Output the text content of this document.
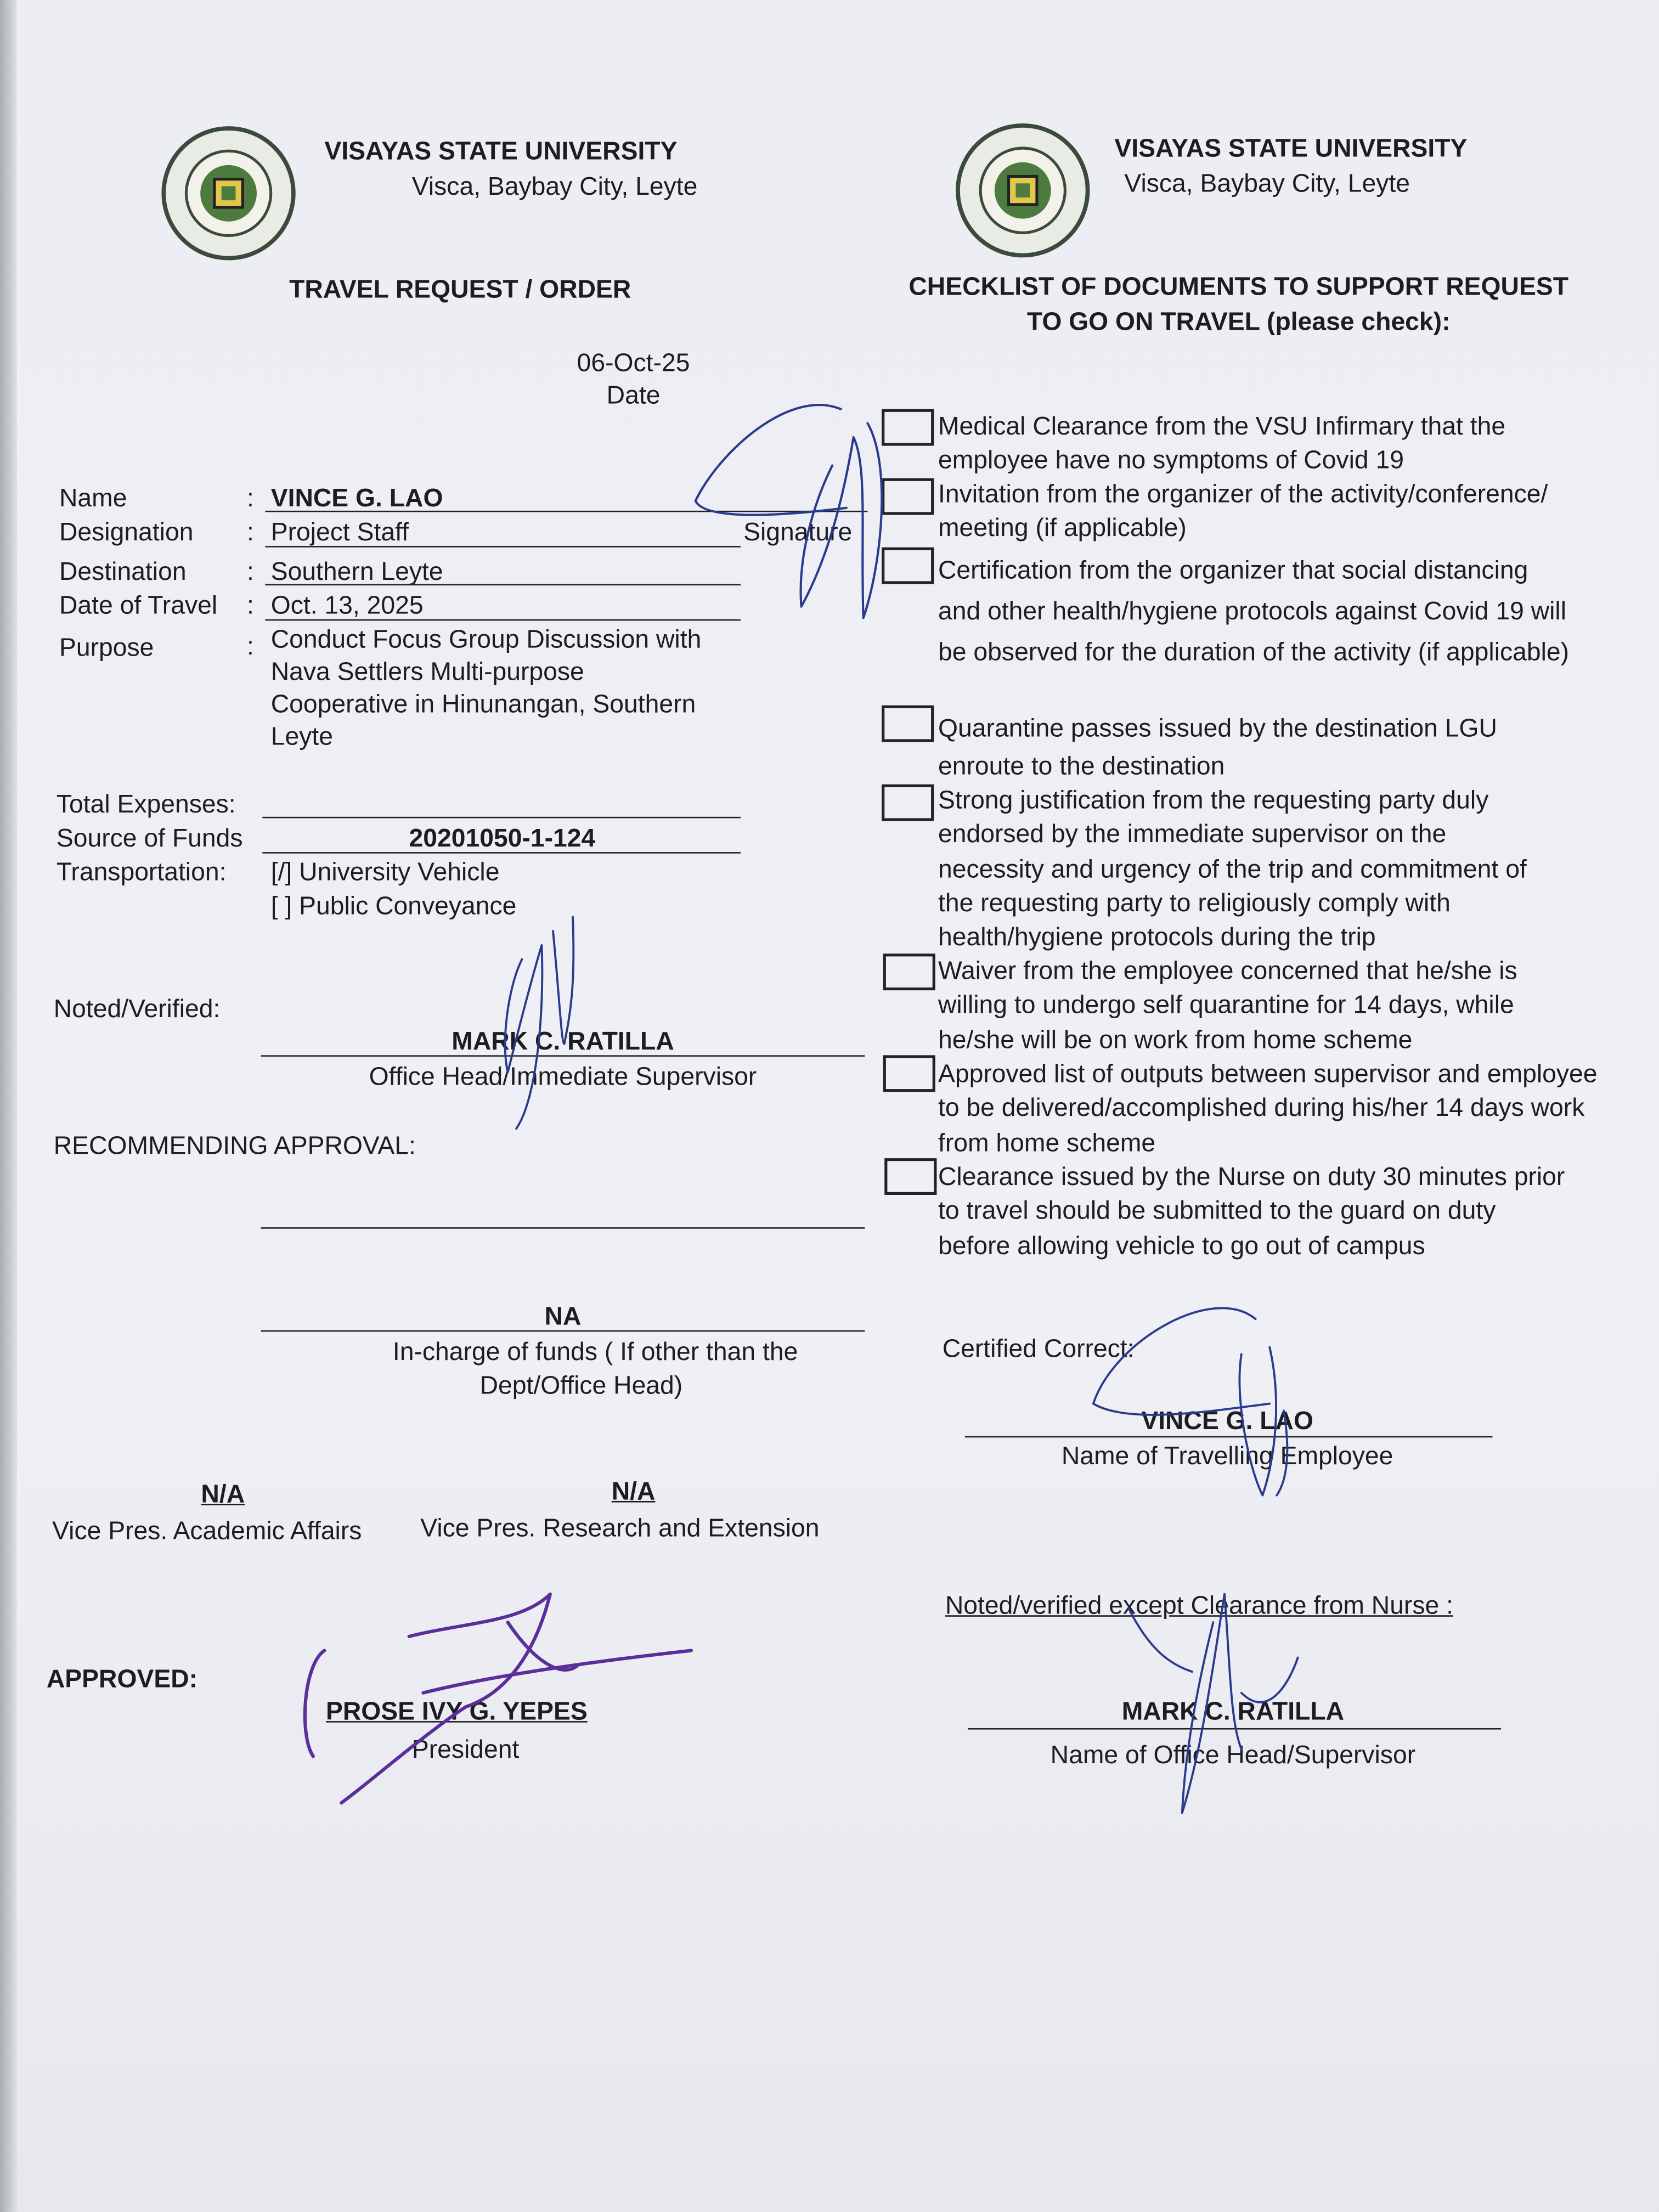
VISAYAS STATE UNIVERSITY
Visca, Baybay City, Leyte
TRAVEL REQUEST / ORDER
VISAYAS STATE UNIVERSITY
Visca, Baybay City, Leyte
CHECKLIST OF DOCUMENTS TO SUPPORT REQUEST
TO GO ON TRAVEL (please check):
06-Oct-25
Date
Name	: VINCE G. LAO
Designation	: Project Staff	Signature
Destination	: Southern Leyte
Date of Travel	: Oct. 13, 2025
Purpose	: Conduct Focus Group Discussion with
Nava Settlers Multi-purpose
Cooperative in Hinunangan, Southern
Leyte
Total Expenses:
Source of Funds	20201050-1-124
Transportation:	[/] University Vehicle
[ ] Public Conveyance
Noted/Verified:
MARK C. RATILLA
Office Head/Immediate Supervisor
RECOMMENDING APPROVAL:
NA
In-charge of funds ( If other than the
Dept/Office Head)
N/A
Vice Pres. Academic Affairs
N/A
Vice Pres. Research and Extension
APPROVED:
PROSE IVY G. YEPES
President
Medical Clearance from the VSU Infirmary that the employee have no symptoms of Covid 19
Invitation from the organizer of the activity/conference/ meeting (if applicable)
Certification from the organizer that social distancing and other health/hygiene protocols against Covid 19 will be observed for the duration of the activity (if applicable)
Quarantine passes issued by the destination LGU enroute to the destination
Strong justification from the requesting party duly endorsed by the immediate supervisor on the necessity and urgency of the trip and commitment of the requesting party to religiously comply with health/hygiene protocols during the trip
Waiver from the employee concerned that he/she is willing to undergo self quarantine for 14 days, while he/she will be on work from home scheme
Approved list of outputs between supervisor and employee to be delivered/accomplished during his/her 14 days work from home scheme
Clearance issued by the Nurse on duty 30 minutes prior to travel should be submitted to the guard on duty before allowing vehicle to go out of campus
Certified Correct:
VINCE G. LAO
Name of Travelling Employee
Noted/verified except Clearance from Nurse :
MARK C. RATILLA
Name of Office Head/Supervisor
